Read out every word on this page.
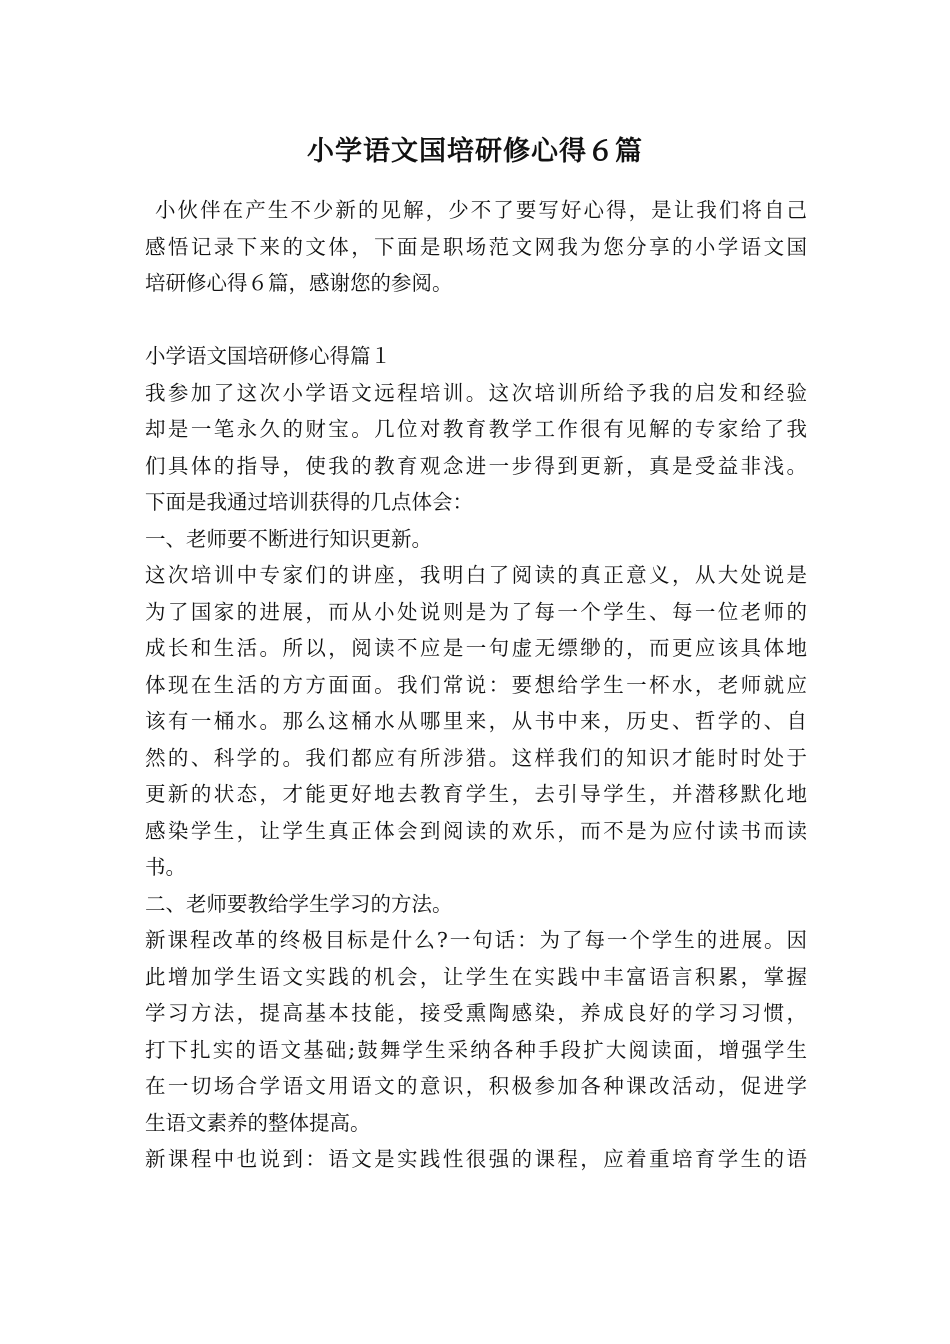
小学语文国培研修心得６篇
小伙伴在产生不少新的见解，少不了要写好心得，是让我们将自己
感悟记录下来的文体，下面是职场范文网我为您分享的小学语文国
培研修心得６篇，感谢您的参阅。
小学语文国培研修心得篇１
我参加了这次小学语文远程培训。这次培训所给予我的启发和经验
却是一笔永久的财宝。几位对教育教学工作很有见解的专家给了我
们具体的指导，使我的教育观念进一步得到更新，真是受益非浅。
下面是我通过培训获得的几点体会：
一、老师要不断进行知识更新。
这次培训中专家们的讲座，我明白了阅读的真正意义，从大处说是
为了国家的进展，而从小处说则是为了每一个学生、每一位老师的
成长和生活。所以，阅读不应是一句虚无缥缈的，而更应该具体地
体现在生活的方方面面。我们常说：要想给学生一杯水，老师就应
该有一桶水。那么这桶水从哪里来，从书中来，历史、哲学的、自
然的、科学的。我们都应有所涉猎。这样我们的知识才能时时处于
更新的状态，才能更好地去教育学生，去引导学生，并潜移默化地
感染学生，让学生真正体会到阅读的欢乐，而不是为应付读书而读
书。
二、老师要教给学生学习的方法。
新课程改革的终极目标是什么?一句话：为了每一个学生的进展。因
此增加学生语文实践的机会，让学生在实践中丰富语言积累，掌握
学习方法，提高基本技能，接受熏陶感染，养成良好的学习习惯，
打下扎实的语文基础;鼓舞学生采纳各种手段扩大阅读面，增强学生
在一切场合学语文用语文的意识，积极参加各种课改活动，促进学
生语文素养的整体提高。
新课程中也说到：语文是实践性很强的课程，应着重培育学生的语
